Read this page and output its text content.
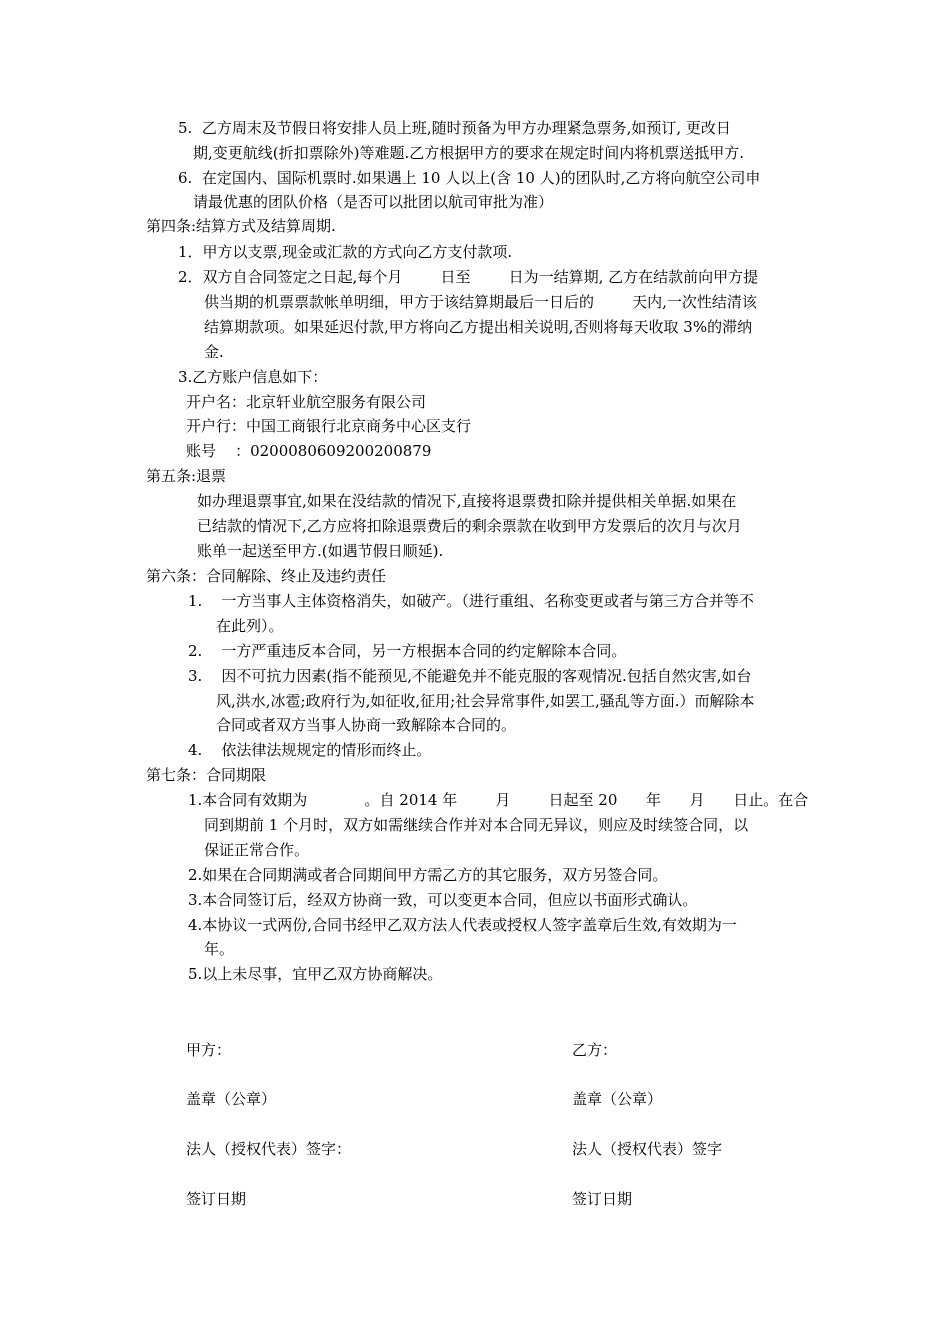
5.  乙方周末及节假日将安排人员上班,随时预备为甲方办理紧急票务,如预订, 更改日
期,变更航线(折扣票除外)等难题.乙方根据甲方的要求在规定时间内将机票送抵甲方.
6.  在定国内、国际机票时.如果遇上 10 人以上(含 10 人)的团队时,乙方将向航空公司申
请最优惠的团队价格（是否可以批团以航司审批为准）
第四条:结算方式及结算周期.
1．甲方以支票,现金或汇款的方式向乙方支付款项.
2．双方自合同签定之日起,每个月        日至        日为一结算期, 乙方在结款前向甲方提
供当期的机票票款帐单明细，甲方于该结算期最后一日后的        天内,一次性结清该
结算期款项。如果延迟付款,甲方将向乙方提出相关说明,否则将每天收取 3%的滞纳
金.
3.乙方账户信息如下：
开户名：北京轩业航空服务有限公司
开户行：中国工商银行北京商务中心区支行
账号    ：0200080609200200879
第五条:退票
如办理退票事宜,如果在没结款的情况下,直接将退票费扣除并提供相关单据.如果在
已结款的情况下,乙方应将扣除退票费后的剩余票款在收到甲方发票后的次月与次月
账单一起送至甲方.(如遇节假日顺延).
第六条：合同解除、终止及违约责任
1.    一方当事人主体资格消失，如破产。（进行重组、名称变更或者与第三方合并等不
在此列）。
2.    一方严重违反本合同，另一方根据本合同的约定解除本合同。
3.    因不可抗力因素(指不能预见,不能避免并不能克服的客观情况.包括自然灾害,如台
风,洪水,冰雹;政府行为,如征收,征用;社会异常事件,如罢工,骚乱等方面.）而解除本
合同或者双方当事人协商一致解除本合同的。
4.    依法律法规规定的情形而终止。
第七条：合同期限
1.本合同有效期为            。自 2014 年        月        日起至 20      年      月      日止。在合
同到期前 1 个月时，双方如需继续合作并对本合同无异议，则应及时续签合同，以
保证正常合作。
2.如果在合同期满或者合同期间甲方需乙方的其它服务，双方另签合同。
3.本合同签订后，经双方协商一致，可以变更本合同，但应以书面形式确认。
4.本协议一式两份,合同书经甲乙双方法人代表或授权人签字盖章后生效,有效期为一
年。
5.以上未尽事，宜甲乙双方协商解决。
甲方：	乙方：
盖章（公章）	盖章（公章）
法人（授权代表）签字：	法人（授权代表）签字
签订日期	签订日期
